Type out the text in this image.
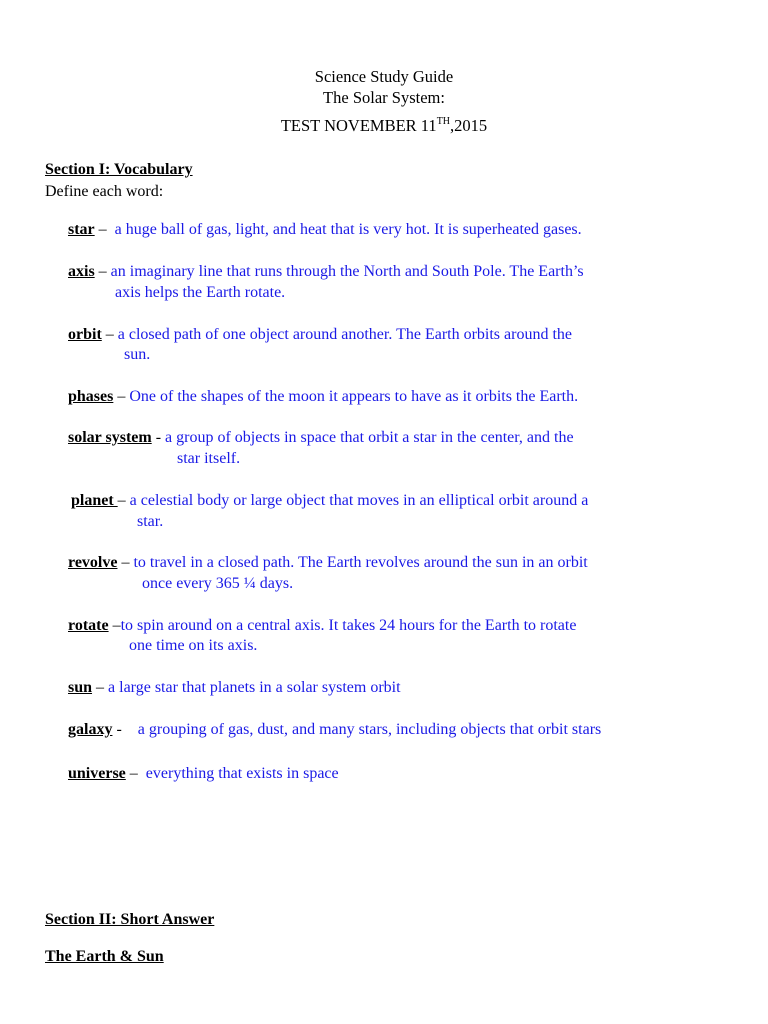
Science Study Guide
The Solar System:
TEST NOVEMBER 11TH,2015
Section I: Vocabulary
Define each word:
star –  a huge ball of gas, light, and heat that is very hot. It is superheated gases.
axis – an imaginary line that runs through the North and South Pole. The Earth’s
axis helps the Earth rotate.
orbit – a closed path of one object around another. The Earth orbits around the
sun.
phases – One of the shapes of the moon it appears to have as it orbits the Earth.
solar system - a group of objects in space that orbit a star in the center, and the
star itself.
planet – a celestial body or large object that moves in an elliptical orbit around a
star.
revolve – to travel in a closed path. The Earth revolves around the sun in an orbit
once every 365 ¼ days.
rotate –to spin around on a central axis. It takes 24 hours for the Earth to rotate
one time on its axis.
sun – a large star that planets in a solar system orbit
galaxy -    a grouping of gas, dust, and many stars, including objects that orbit stars
universe –  everything that exists in space
Section II: Short Answer
The Earth & Sun
